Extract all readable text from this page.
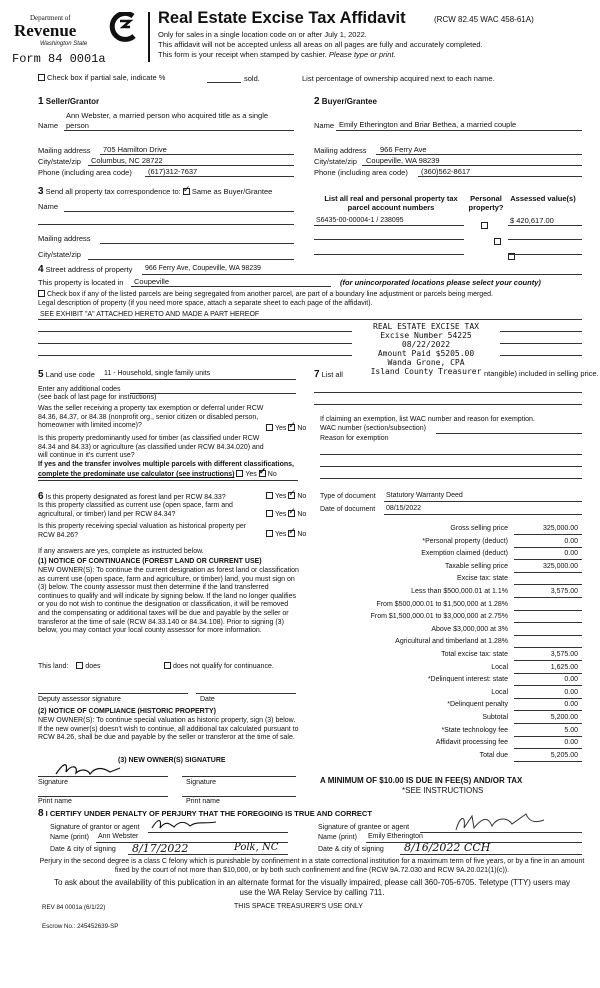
Department of
Revenue
Washington State
Form 84 0001a
Real Estate Excise Tax Affidavit	(RCW 82.45 WAC 458-61A)
Only for sales in a single location code on or after July 1, 2022.
This affidavit will not be accepted unless all areas on all pages are fully and accurately completed.
This form is your receipt when stamped by cashier. Please type or print.
Check box if partial sale, indicate %	sold.	List percentage of ownership acquired next to each name.
1 Seller/Grantor
Ann Webster, a married person who acquired title as a single
Name person
Mailing address 705 Hamilton Drive
City/state/zip Columbus, NC 28722
Phone (including area code) (617)312-7637
2 Buyer/Grantee
Name Emily Etherington and Briar Bethea, a married couple
Mailing address 966 Ferry Ave
City/state/zip Coupeville, WA 98239
Phone (including area code) (360)562-8617
3 Send all property tax correspondence to: ✓ Same as Buyer/Grantee
Name
Mailing address
City/state/zip
List all real and personal property tax parcel account numbers
Personal property?
Assessed value(s)
S6435-00-00004-1 / 238095
	$ 420,617.00

4 Street address of property 966 Ferry Ave, Coupeville, WA 98239
This property is located in Coupeville	(for unincorporated locations please select your county)
Check box if any of the listed parcels are being segregated from another parcel, are part of a boundary line adjustment or parcels being merged.
Legal description of property (if you need more space, attach a separate sheet to each page of the affidavit).
SEE EXHIBIT "A" ATTACHED HERETO AND MADE A PART HEREOF
REAL ESTATE EXCISE TAX
Excise Number 54225
08/22/2022
Amount Paid $5205.00
Wanda Grone, CPA
Island County Treasurer
5 Land use code 11 - Household, single family units
Enter any additional codes
(see back of last page for instructions)
Was the seller receiving a property tax exemption or deferral under RCW 84.36, 84.37, or 84.38 (nonprofit org., senior citizen or disabled person, homeowner with limited income)?	Yes ✓ No
Is this property predominantly used for timber (as classified under RCW 84.34 and 84.33) or agriculture (as classified under RCW 84.34.020) and will continue in it's current use?
If yes and the transfer involves multiple parcels with different classifications,
complete the predominate use calculator (see instructions) Yes ✓ No
7 List all	ntangible) included in selling price.
If claiming an exemption, list WAC number and reason for exemption.
WAC number (section/subsection)
Reason for exemption
Type of document Statutory Warranty Deed
Date of document 08/15/2022
6 Is this property designated as forest land per RCW 84.33?	Yes ✓ No
Is this property classified as current use (open space, farm and agricultural, or timber) land per RCW 84.34?	Yes ✓ No
Is this property receiving special valuation as historical property per RCW 84.26?	Yes ✓ No
If any answers are yes, complete as instructed below.
(1) NOTICE OF CONTINUANCE (FOREST LAND OR CURRENT USE)
NEW OWNER(S): To continue the current designation as forest land or classification as current use (open space, farm and agriculture, or timber) land, you must sign on (3) below. The county assessor must then determine if the land transferred continues to qualify and will indicate by signing below. If the land no longer qualifies or you do not wish to continue the designation or classification, it will be removed and the compensating or additional taxes will be due and payable by the seller or transferor at the time of sale (RCW 84.33.140 or 84.34.108). Prior to signing (3) below, you may contact your local county assessor for more information.
This land: does	does not qualify for continuance.
Deputy assessor signature	Date
(2) NOTICE OF COMPLIANCE (HISTORIC PROPERTY)
NEW OWNER(S): To continue special valuation as historic property, sign (3) below. If the new owner(s) doesn't wish to continue, all additional tax calculated pursuant to RCW 84.26, shall be due and payable by the seller or transferor at the time of sale.
(3) NEW OWNER(S) SIGNATURE
Signature	Signature
Print name	Print name
Gross selling price	325,000.00
*Personal property (deduct)	0.00
Exemption claimed (deduct)	0.00
Taxable selling price	325,000.00
Excise tax: state
Less than $500,000.01 at 1.1%	3,575.00
From $500,000.01 to $1,500,000 at 1.28%
From $1,500,000.01 to $3,000,000 at 2.75%
Above $3,000,000 at 3%
Agricultural and timberland at 1.28%
Total excise tax: state	3,575.00
Local	1,625.00
*Delinquent interest: state	0.00
Local	0.00
*Delinquent penalty	0.00
Subtotal	5,200.00
*State technology fee	5.00
Affidavit processing fee	0.00
Total due	5,205.00
A MINIMUM OF $10.00 IS DUE IN FEE(S) AND/OR TAX
*SEE INSTRUCTIONS
8 I CERTIFY UNDER PENALTY OF PERJURY THAT THE FOREGOING IS TRUE AND CORRECT
Signature of grantor or agent
Name (print) Ann Webster
Date & city of signing 8/17/2022	Polk, NC
Signature of grantee or agent
Name (print) Emily Etherington
Date & city of signing 8/16/2022 CCH
Perjury in the second degree is a class C felony which is punishable by confinement in a state correctional institution for a maximum term of five years, or by a fine in an amount fixed by the court of not more than $10,000, or by both such confinement and fine (RCW 9A.72.030 and RCW 9A.20.021(1)(c)).
To ask about the availability of this publication in an alternate format for the visually impaired, please call 360-705-6705. Teletype (TTY) users may use the WA Relay Service by calling 711.
REV 84 0001a (6/1/22)	THIS SPACE TREASURER'S USE ONLY
Escrow No.: 245452639-SP
